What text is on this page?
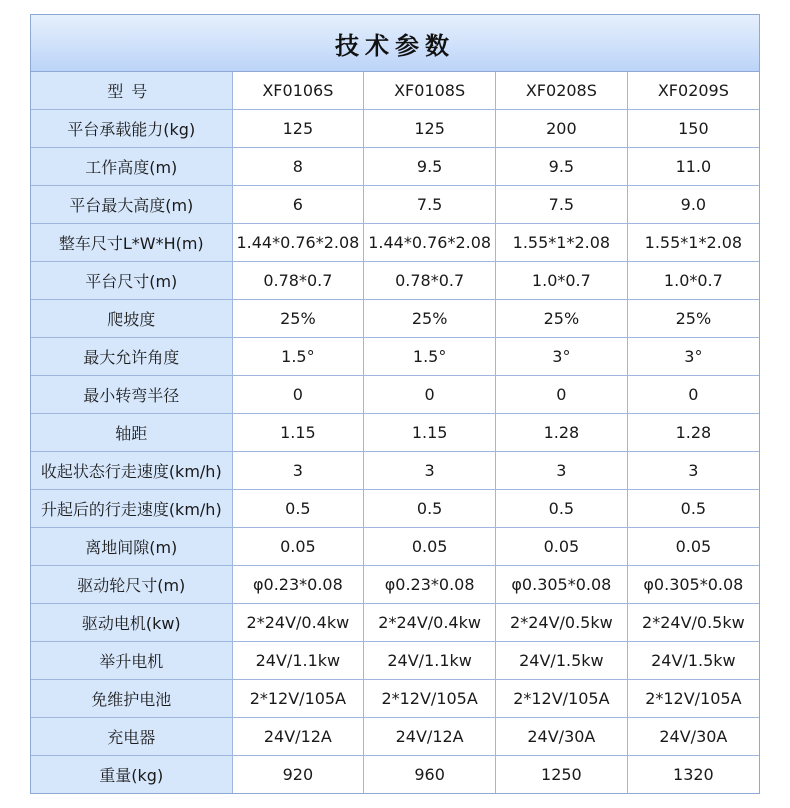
技术参数
型号	XF0106S	XF0108S	XF0208S	XF0209S
平台承载能力(kg)	125	125	200	150
工作高度(m)	8	9.5	9.5	11.0
平台最大高度(m)	6	7.5	7.5	9.0
整车尺寸L*W*H(m)	1.44*0.76*2.08	1.44*0.76*2.08	1.55*1*2.08	1.55*1*2.08
平台尺寸(m)	0.78*0.7	0.78*0.7	1.0*0.7	1.0*0.7
爬坡度	25%	25%	25%	25%
最大允许角度	1.5°	1.5°	3°	3°
最小转弯半径	0	0	0	0
轴距	1.15	1.15	1.28	1.28
收起状态行走速度(km/h)	3	3	3	3
升起后的行走速度(km/h)	0.5	0.5	0.5	0.5
离地间隙(m)	0.05	0.05	0.05	0.05
驱动轮尺寸(m)	φ0.23*0.08	φ0.23*0.08	φ0.305*0.08	φ0.305*0.08
驱动电机(kw)	2*24V/0.4kw	2*24V/0.4kw	2*24V/0.5kw	2*24V/0.5kw
举升电机	24V/1.1kw	24V/1.1kw	24V/1.5kw	24V/1.5kw
免维护电池	2*12V/105A	2*12V/105A	2*12V/105A	2*12V/105A
充电器	24V/12A	24V/12A	24V/30A	24V/30A
重量(kg)	920	960	1250	1320
